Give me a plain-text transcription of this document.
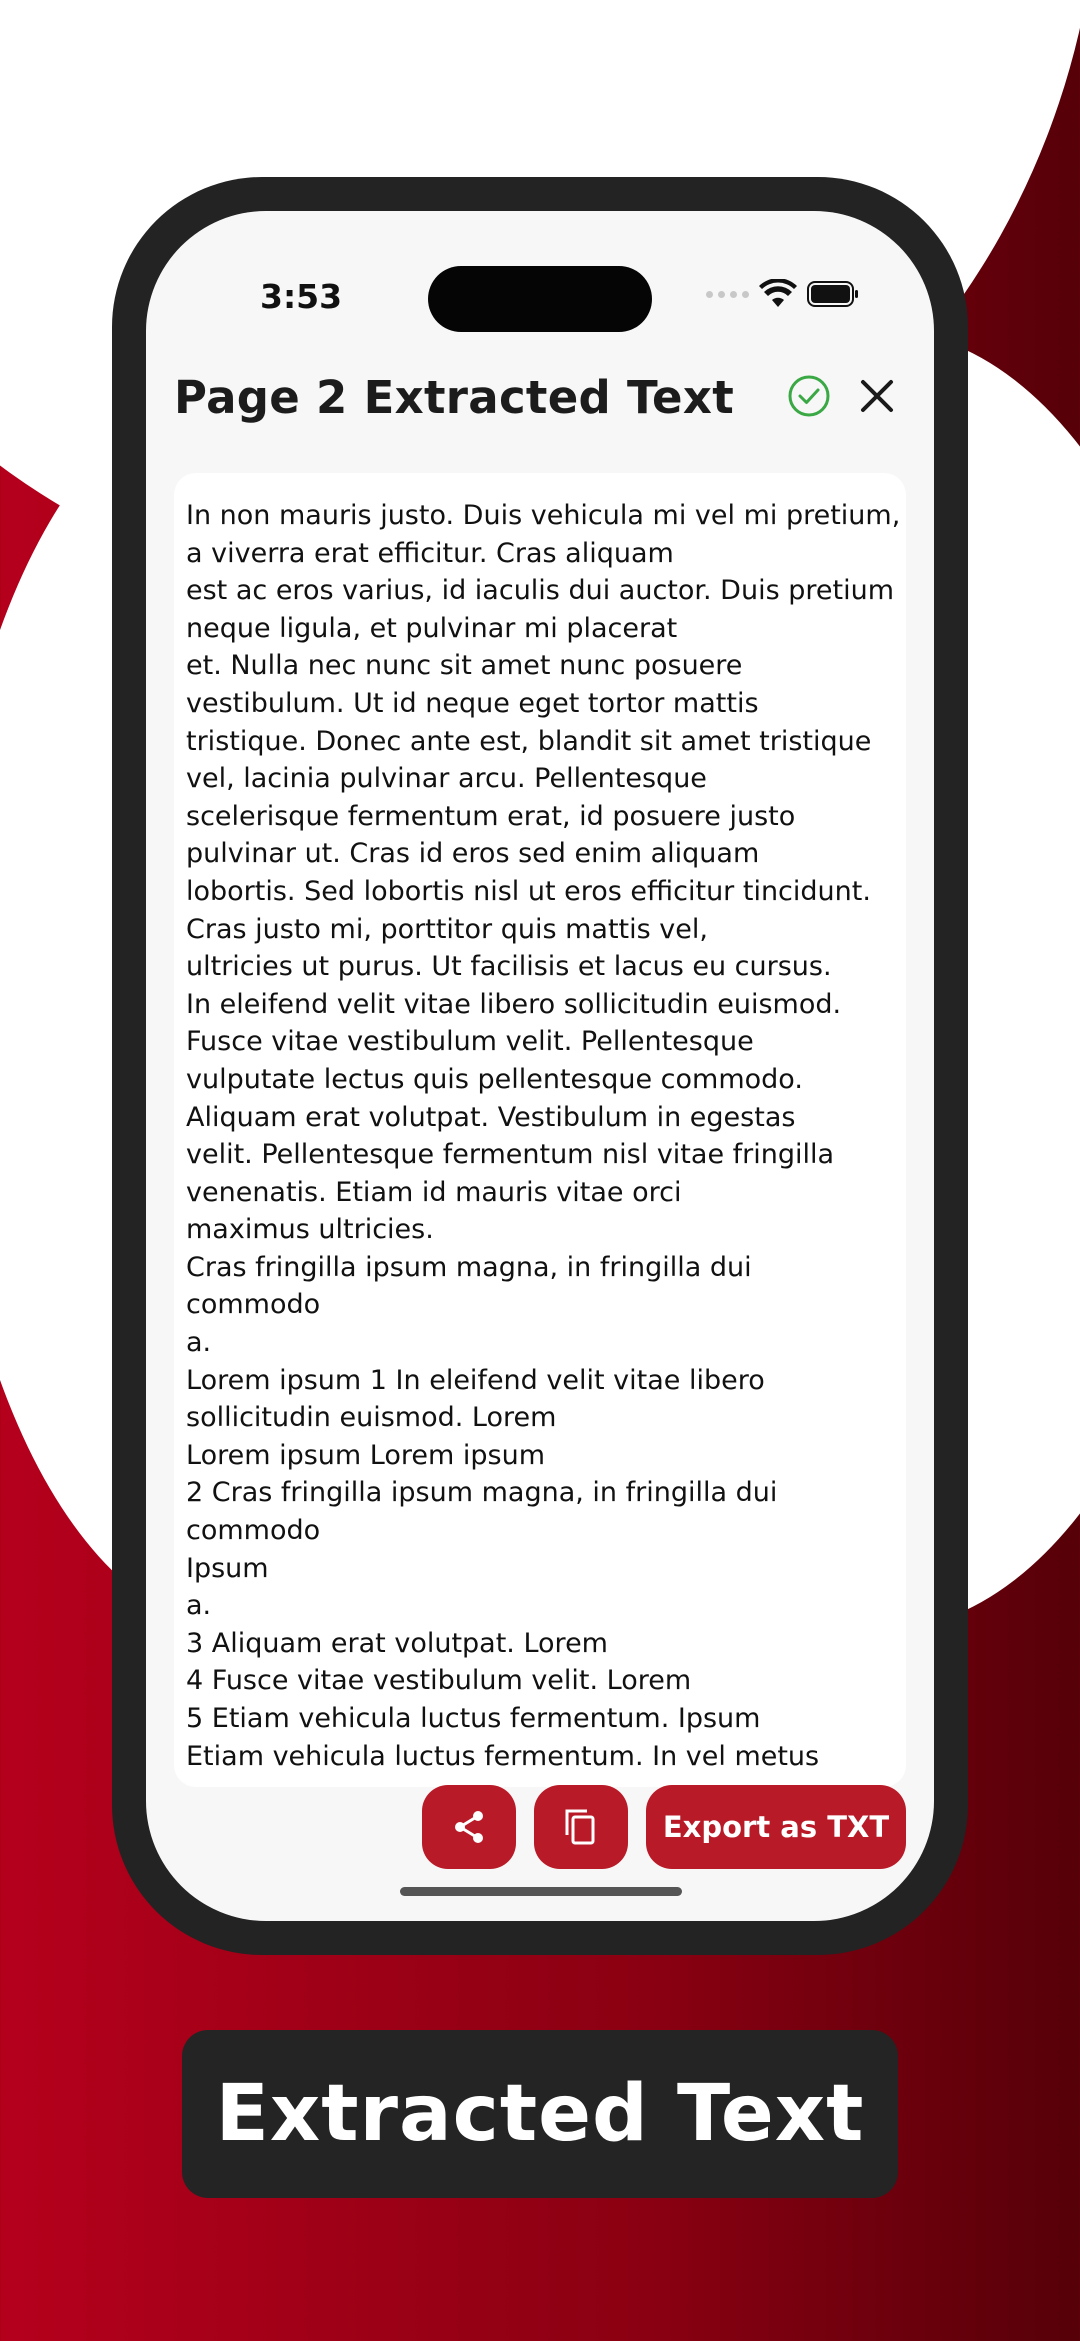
3:53
Page 2 Extracted Text
In non mauris justo. Duis vehicula mi vel mi pretium,
a viverra erat efficitur. Cras aliquam
est ac eros varius, id iaculis dui auctor. Duis pretium
neque ligula, et pulvinar mi placerat
et. Nulla nec nunc sit amet nunc posuere
vestibulum. Ut id neque eget tortor mattis
tristique. Donec ante est, blandit sit amet tristique
vel, lacinia pulvinar arcu. Pellentesque
scelerisque fermentum erat, id posuere justo
pulvinar ut. Cras id eros sed enim aliquam
lobortis. Sed lobortis nisl ut eros efficitur tincidunt.
Cras justo mi, porttitor quis mattis vel,
ultricies ut purus. Ut facilisis et lacus eu cursus.
In eleifend velit vitae libero sollicitudin euismod.
Fusce vitae vestibulum velit. Pellentesque
vulputate lectus quis pellentesque commodo.
Aliquam erat volutpat. Vestibulum in egestas
velit. Pellentesque fermentum nisl vitae fringilla
venenatis. Etiam id mauris vitae orci
maximus ultricies.
Cras fringilla ipsum magna, in fringilla dui
commodo
a.
Lorem ipsum 1 In eleifend velit vitae libero
sollicitudin euismod. Lorem
Lorem ipsum Lorem ipsum
2 Cras fringilla ipsum magna, in fringilla dui
commodo
Ipsum
a.
3 Aliquam erat volutpat. Lorem
4 Fusce vitae vestibulum velit. Lorem
5 Etiam vehicula luctus fermentum. Ipsum
Etiam vehicula luctus fermentum. In vel metus
Export as TXT
Extracted Text
